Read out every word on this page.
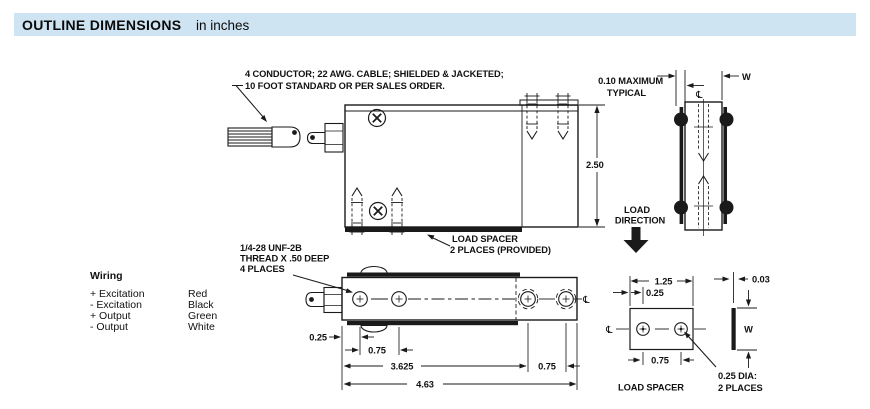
OUTLINE DIMENSIONS in inches
4 CONDUCTOR; 22 AWG. CABLE; SHIELDED & JACKETED;
10 FOOT STANDARD OR PER SALES ORDER.
2.50
0.10 MAXIMUM
TYPICAL	℄
W
LOAD
DIRECTION
LOAD SPACER
2 PLACES (PROVIDED)
1/4-28 UNF-2B
THREAD X .50 DEEP
4 PLACES
℄
0.25
0.75
3.625	0.75
4.63
Wiring
+ Excitation	Red
- Excitation	Black
+ Output	Green
- Output	White	℄
1.25
0.25
0.75
LOAD SPACER
0.25 DIA:
2 PLACES
0.03
W
